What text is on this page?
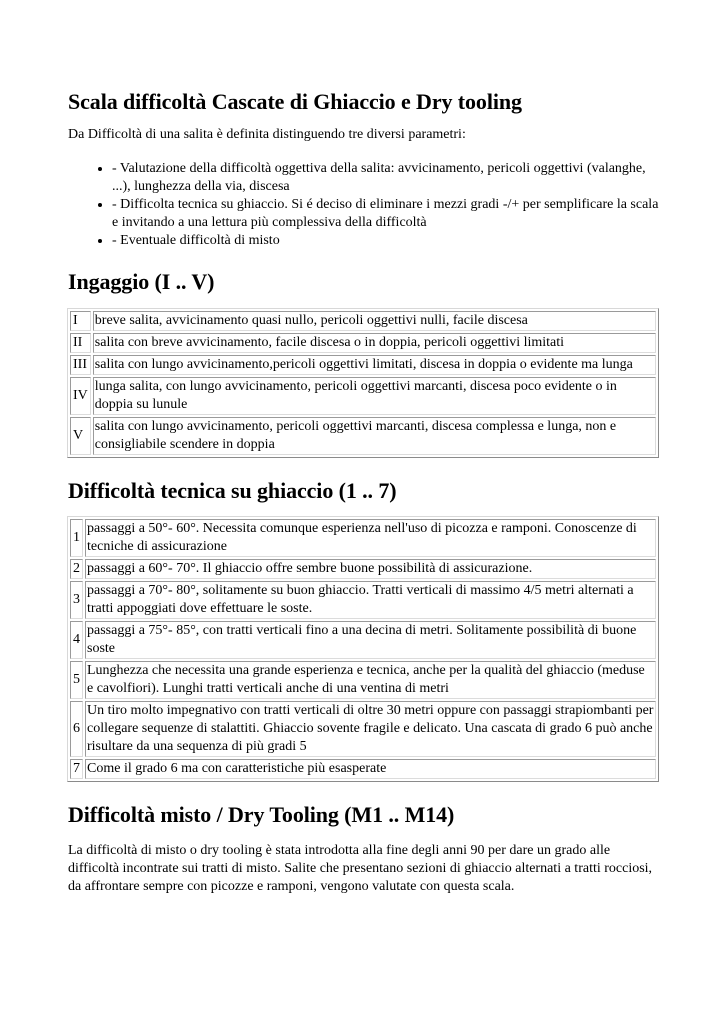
Scala difficoltà Cascate di Ghiaccio e Dry tooling

Da Difficoltà di una salita è definita distinguendo tre diversi parametri:

• - Valutazione della difficoltà oggettiva della salita: avvicinamento, pericoli oggettivi (valanghe, ...), lunghezza della via, discesa
• - Difficolta tecnica su ghiaccio. Si é deciso di eliminare i mezzi gradi -/+ per semplificare la scala e invitando a una lettura più complessiva della difficoltà
• - Eventuale difficoltà di misto
Ingaggio (I .. V)
I	breve salita, avvicinamento quasi nullo, pericoli oggettivi nulli, facile discesa
II	salita con breve avvicinamento, facile discesa o in doppia, pericoli oggettivi limitati
III	salita con lungo avvicinamento,pericoli oggettivi limitati, discesa in doppia o evidente ma lunga
IV	lunga salita, con lungo avvicinamento, pericoli oggettivi marcanti, discesa poco evidente o in doppia su lunule
V	salita con lungo avvicinamento, pericoli oggettivi marcanti, discesa complessa e lunga, non e consigliabile scendere in doppia
Difficoltà tecnica su ghiaccio (1 .. 7)
1	passaggi a 50°- 60°. Necessita comunque esperienza nell'uso di picozza e ramponi. Conoscenze di tecniche di assicurazione
2	passaggi a 60°- 70°. Il ghiaccio offre sembre buone possibilità di assicurazione.
3	passaggi a 70°- 80°, solitamente su buon ghiaccio. Tratti verticali di massimo 4/5 metri alternati a tratti appoggiati dove effettuare le soste.
4	passaggi a 75°- 85°, con tratti verticali fino a una decina di metri. Solitamente possibilità di buone soste
5	Lunghezza che necessita una grande esperienza e tecnica, anche per la qualità del ghiaccio (meduse e cavolfiori). Lunghi tratti verticali anche di una ventina di metri
6	Un tiro molto impegnativo con tratti verticali di oltre 30 metri oppure con passaggi strapiombanti per collegare sequenze di stalattiti. Ghiaccio sovente fragile e delicato. Una cascata di grado 6 può anche risultare da una sequenza di più gradi 5
7	Come il grado 6 ma con caratteristiche più esasperate
Difficoltà misto / Dry Tooling (M1 .. M14)

La difficoltà di misto o dry tooling è stata introdotta alla fine degli anni 90 per dare un grado alle difficoltà incontrate sui tratti di misto. Salite che presentano sezioni di ghiaccio alternati a tratti rocciosi, da affrontare sempre con picozze e ramponi, vengono valutate con questa scala.
